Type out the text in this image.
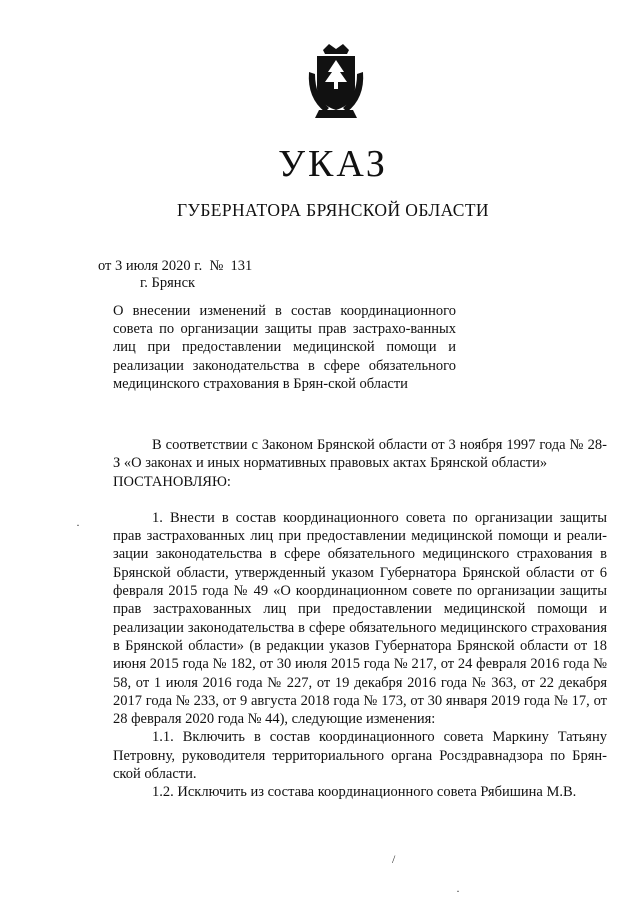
УКАЗ
ГУБЕРНАТОРА БРЯНСКОЙ ОБЛАСТИ
от 3 июля 2020 г.  №  131
г. Брянск
О внесении изменений в состав координационного совета по организации защиты прав застрахо-ванных лиц при предоставлении медицинской помощи и реализации законодательства в сфере обязательного медицинского страхования в Брян-ской области

В соответствии с Законом Брянской области от 3 ноября 1997 года № 28-З «О законах и иных нормативных правовых актах Брянской области»

ПОСТАНОВЛЯЮ:

1. Внести в состав координационного совета по организации защиты прав застрахованных лиц при предоставлении медицинской помощи и реали-зации законодательства в сфере обязательного медицинского страхования в Брянской области, утвержденный указом Губернатора Брянской области от 6 февраля 2015 года № 49 «О координационном совете по организации защиты прав застрахованных лиц при предоставлении медицинской помощи и реализации законодательства в сфере обязательного медицинского страхования в Брянской области» (в редакции указов Губернатора Брянской области от 18 июня 2015 года № 182, от 30 июля 2015 года № 217, от 24 февраля 2016 года № 58, от 1 июля 2016 года № 227, от 19 декабря 2016 года № 363, от 22 декабря 2017 года № 233, от 9 августа 2018 года № 173, от 30 января 2019 года № 17, от 28 февраля 2020 года № 44), следующие изменения:

1.1. Включить в состав координационного совета Маркину Татьяну Петровну, руководителя территориального органа Росздравнадзора по Брян-ской области.

1.2. Исключить из состава координационного совета Рябишина М.В.

·
/
·
